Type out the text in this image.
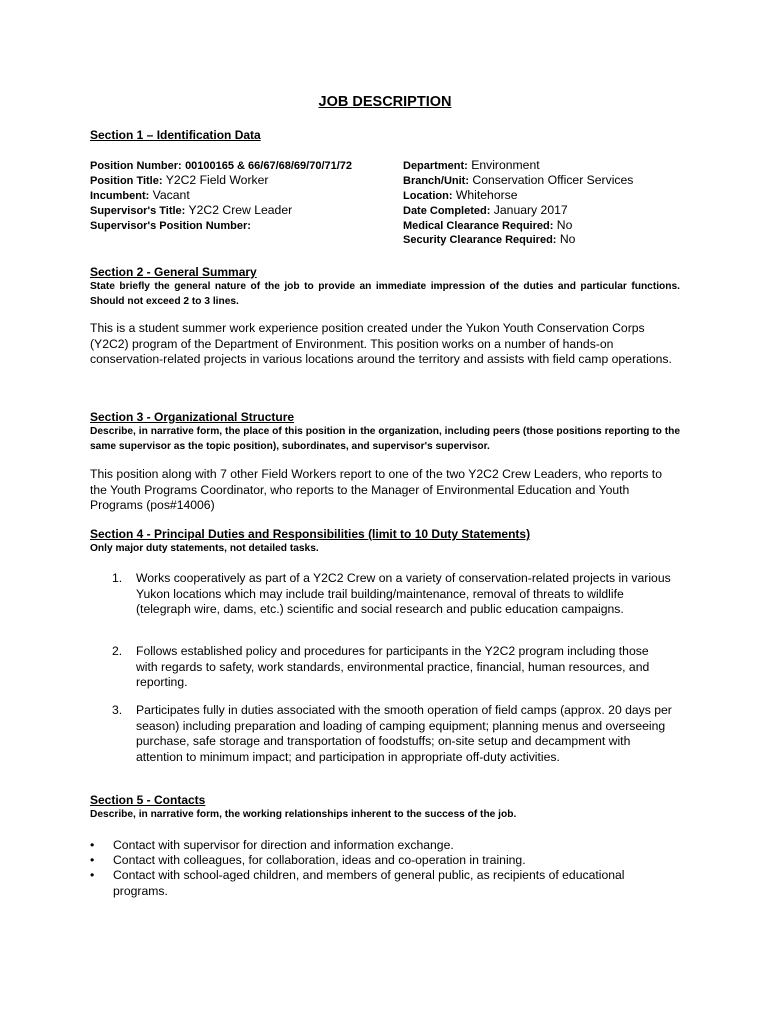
JOB DESCRIPTION
Section 1 – Identification Data
Position Number: 00100165 & 66/67/68/69/70/71/72
Position Title: Y2C2 Field Worker
Incumbent: Vacant
Supervisor's Title: Y2C2 Crew Leader
Supervisor's Position Number:
Department: Environment
Branch/Unit: Conservation Officer Services
Location: Whitehorse
Date Completed: January 2017
Medical Clearance Required: No
Security Clearance Required: No
Section 2 - General Summary
State briefly the general nature of the job to provide an immediate impression of the duties and particular functions. Should not exceed 2 to 3 lines.
This is a student summer work experience position created under the Yukon Youth Conservation Corps (Y2C2) program of the Department of Environment. This position works on a number of hands-on conservation-related projects in various locations around the territory and assists with field camp operations.
Section 3 - Organizational Structure
Describe, in narrative form, the place of this position in the organization, including peers (those positions reporting to the same supervisor as the topic position), subordinates, and supervisor's supervisor.
This position along with 7 other Field Workers report to one of the two Y2C2 Crew Leaders, who reports to the Youth Programs Coordinator, who reports to the Manager of Environmental Education and Youth Programs (pos#14006)
Section 4 - Principal Duties and Responsibilities (limit to 10 Duty Statements)
Only major duty statements, not detailed tasks.
1. Works cooperatively as part of a Y2C2 Crew on a variety of conservation-related projects in various Yukon locations which may include trail building/maintenance, removal of threats to wildlife (telegraph wire, dams, etc.) scientific and social research and public education campaigns.
2. Follows established policy and procedures for participants in the Y2C2 program including those with regards to safety, work standards, environmental practice, financial, human resources, and reporting.
3. Participates fully in duties associated with the smooth operation of field camps (approx. 20 days per season) including preparation and loading of camping equipment; planning menus and overseeing purchase, safe storage and transportation of foodstuffs; on-site setup and decampment with attention to minimum impact; and participation in appropriate off-duty activities.
Section 5 - Contacts
Describe, in narrative form, the working relationships inherent to the success of the job.
• Contact with supervisor for direction and information exchange.
• Contact with colleagues, for collaboration, ideas and co-operation in training.
• Contact with school-aged children, and members of general public, as recipients of educational programs.
